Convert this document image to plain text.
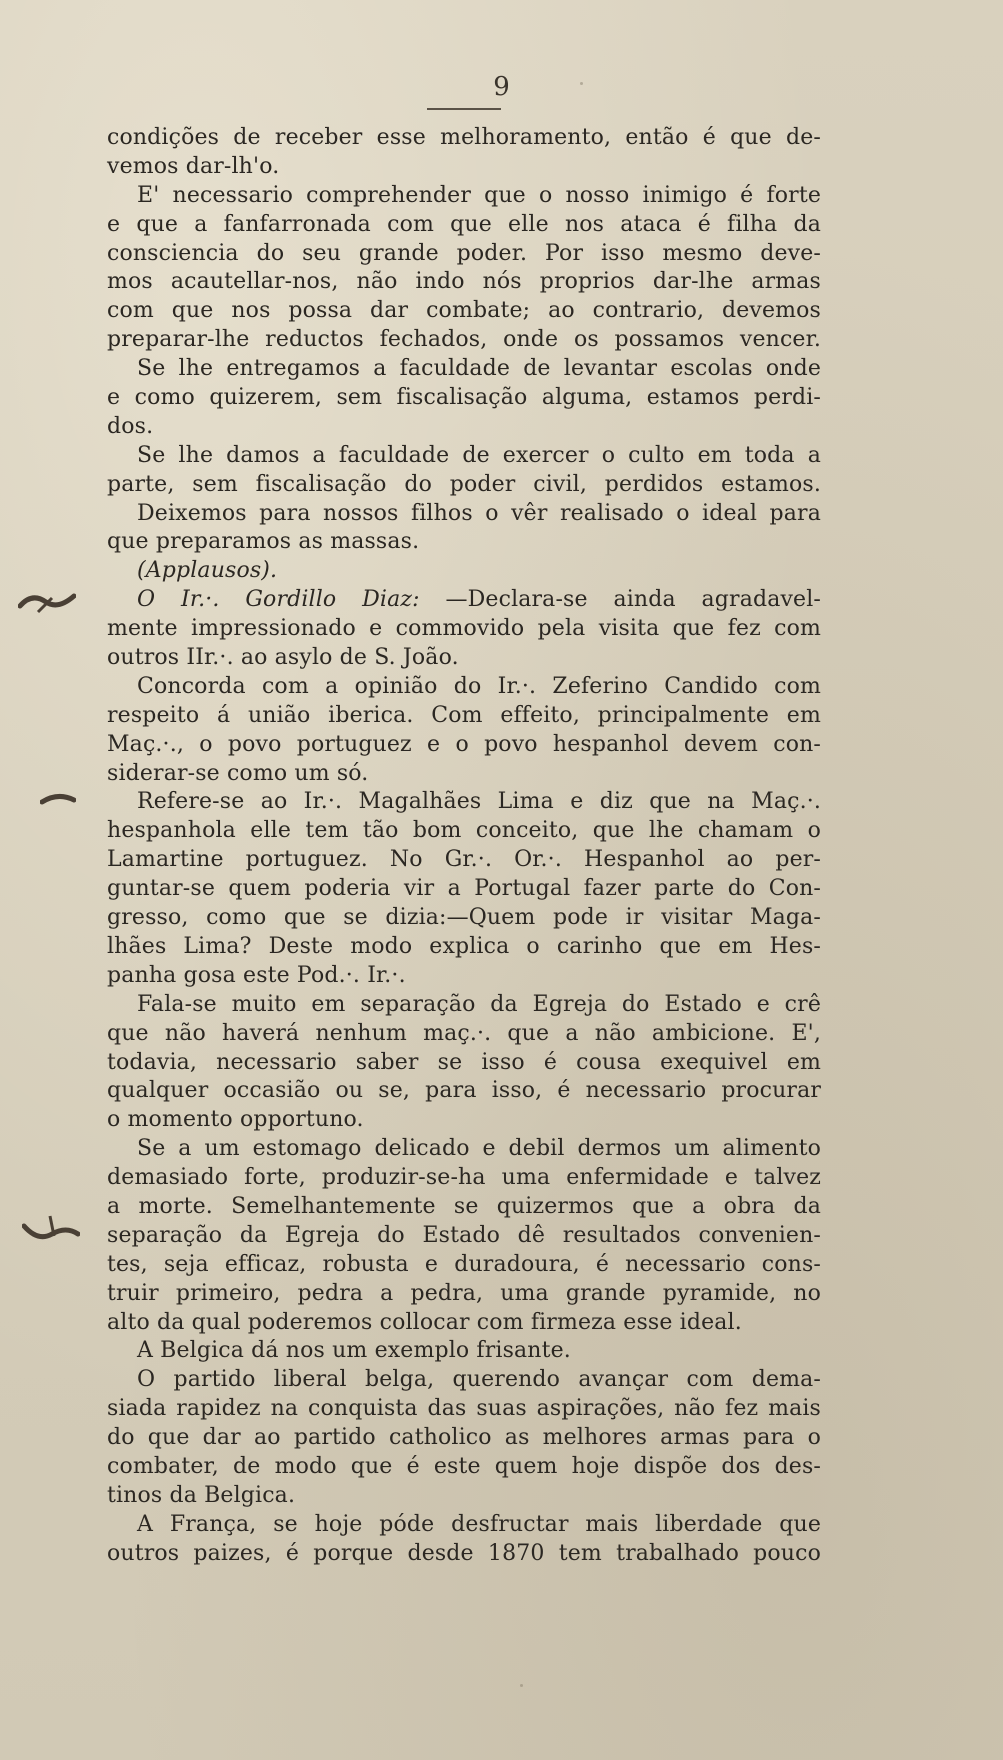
9
condições de receber esse melhoramento, então é que de-
vemos dar-lh'o.
E' necessario comprehender que o nosso inimigo é forte
e que a fanfarronada com que elle nos ataca é filha da
consciencia do seu grande poder. Por isso mesmo deve-
mos acautellar-nos, não indo nós proprios dar-lhe armas
com que nos possa dar combate; ao contrario, devemos
preparar-lhe reductos fechados, onde os possamos vencer.
Se lhe entregamos a faculdade de levantar escolas onde
e como quizerem, sem fiscalisação alguma, estamos perdi-
dos.
Se lhe damos a faculdade de exercer o culto em toda a
parte, sem fiscalisação do poder civil, perdidos estamos.
Deixemos para nossos filhos o vêr realisado o ideal para
que preparamos as massas.
(Applausos).
O Ir.·. Gordillo Diaz: —Declara-se ainda agradavel-
mente impressionado e commovido pela visita que fez com
outros IIr.·. ao asylo de S. João.
Concorda com a opinião do Ir.·. Zeferino Candido com
respeito á união iberica. Com effeito, principalmente em
Maç.·., o povo portuguez e o povo hespanhol devem con-
siderar-se como um só.
Refere-se ao Ir.·. Magalhães Lima e diz que na Maç.·.
hespanhola elle tem tão bom conceito, que lhe chamam o
Lamartine portuguez. No Gr.·. Or.·. Hespanhol ao per-
guntar-se quem poderia vir a Portugal fazer parte do Con-
gresso, como que se dizia:—Quem pode ir visitar Maga-
lhães Lima? Deste modo explica o carinho que em Hes-
panha gosa este Pod.·. Ir.·.
Fala-se muito em separação da Egreja do Estado e crê
que não haverá nenhum maç.·. que a não ambicione. E',
todavia, necessario saber se isso é cousa exequivel em
qualquer occasião ou se, para isso, é necessario procurar
o momento opportuno.
Se a um estomago delicado e debil dermos um alimento
demasiado forte, produzir-se-ha uma enfermidade e talvez
a morte. Semelhantemente se quizermos que a obra da
separação da Egreja do Estado dê resultados convenien-
tes, seja efficaz, robusta e duradoura, é necessario cons-
truir primeiro, pedra a pedra, uma grande pyramide, no
alto da qual poderemos collocar com firmeza esse ideal.
A Belgica dá nos um exemplo frisante.
O partido liberal belga, querendo avançar com dema-
siada rapidez na conquista das suas aspirações, não fez mais
do que dar ao partido catholico as melhores armas para o
combater, de modo que é este quem hoje dispõe dos des-
tinos da Belgica.
A França, se hoje póde desfructar mais liberdade que
outros paizes, é porque desde 1870 tem trabalhado pouco
